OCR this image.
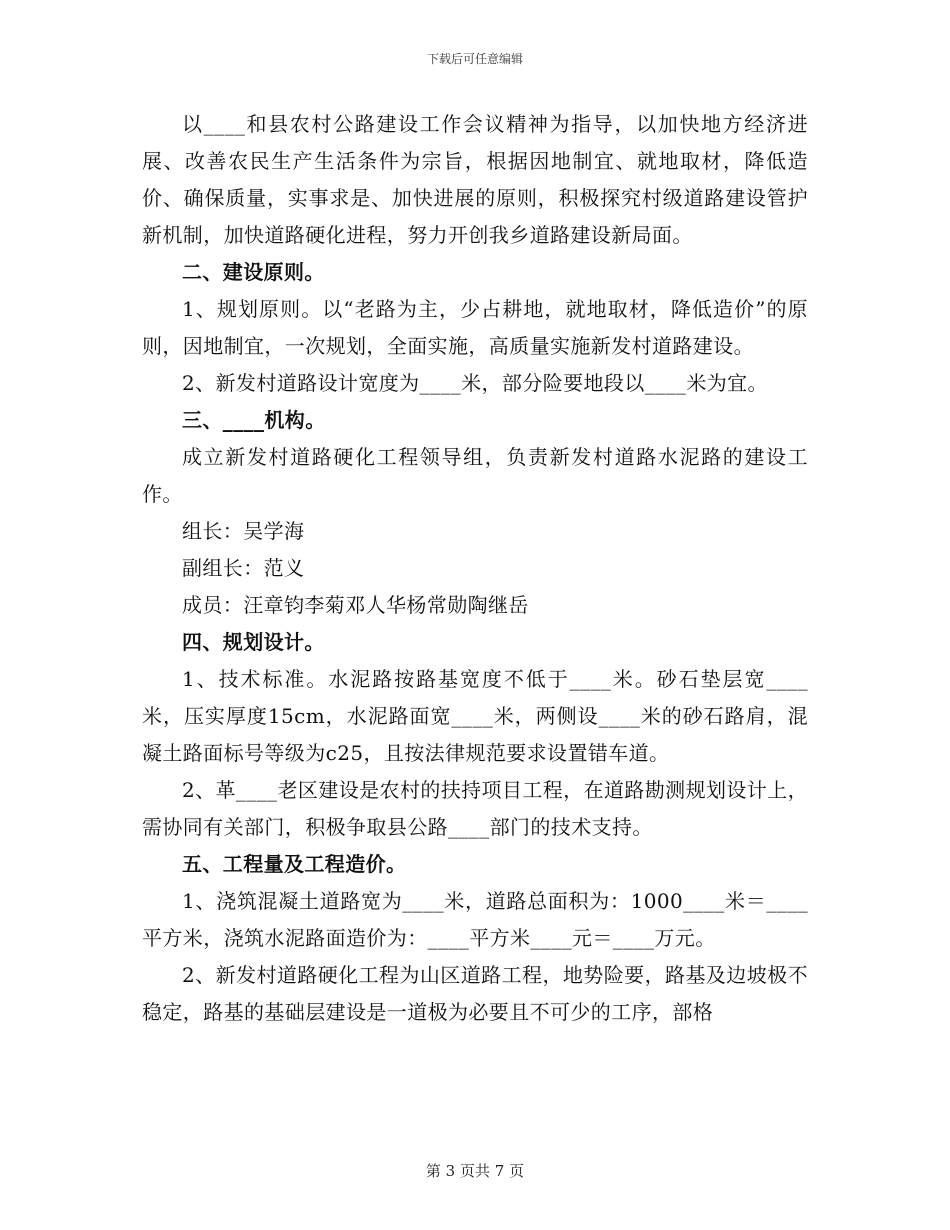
下载后可任意编辑

以____和县农村公路建设工作会议精神为指导，以加快地方经济进展、改善农民生产生活条件为宗旨，根据因地制宜、就地取材，降低造价、确保质量，实事求是、加快进展的原则，积极探究村级道路建设管护新机制，加快道路硬化进程，努力开创我乡道路建设新局面。

二、建设原则。

1、规划原则。以“老路为主，少占耕地，就地取材，降低造价”的原则，因地制宜，一次规划，全面实施，高质量实施新发村道路建设。

2、新发村道路设计宽度为____米，部分险要地段以____米为宜。

三、____机构。

成立新发村道路硬化工程领导组，负责新发村道路水泥路的建设工作。

组长：吴学海

副组长：范义

成员：汪章钧李菊邓人华杨常勋陶继岳

四、规划设计。

1、技术标准。水泥路按路基宽度不低于____米。砂石垫层宽____米，压实厚度15cm，水泥路面宽____米，两侧设____米的砂石路肩，混凝土路面标号等级为c25，且按法律规范要求设置错车道。

2、革____老区建设是农村的扶持项目工程，在道路勘测规划设计上，需协同有关部门，积极争取县公路____部门的技术支持。

五、工程量及工程造价。

1、浇筑混凝土道路宽为____米，道路总面积为：1000____米＝____平方米，浇筑水泥路面造价为：____平方米____元＝____万元。

2、新发村道路硬化工程为山区道路工程，地势险要，路基及边坡极不稳定，路基的基础层建设是一道极为必要且不可少的工序，部格

第 3 页共 7 页
